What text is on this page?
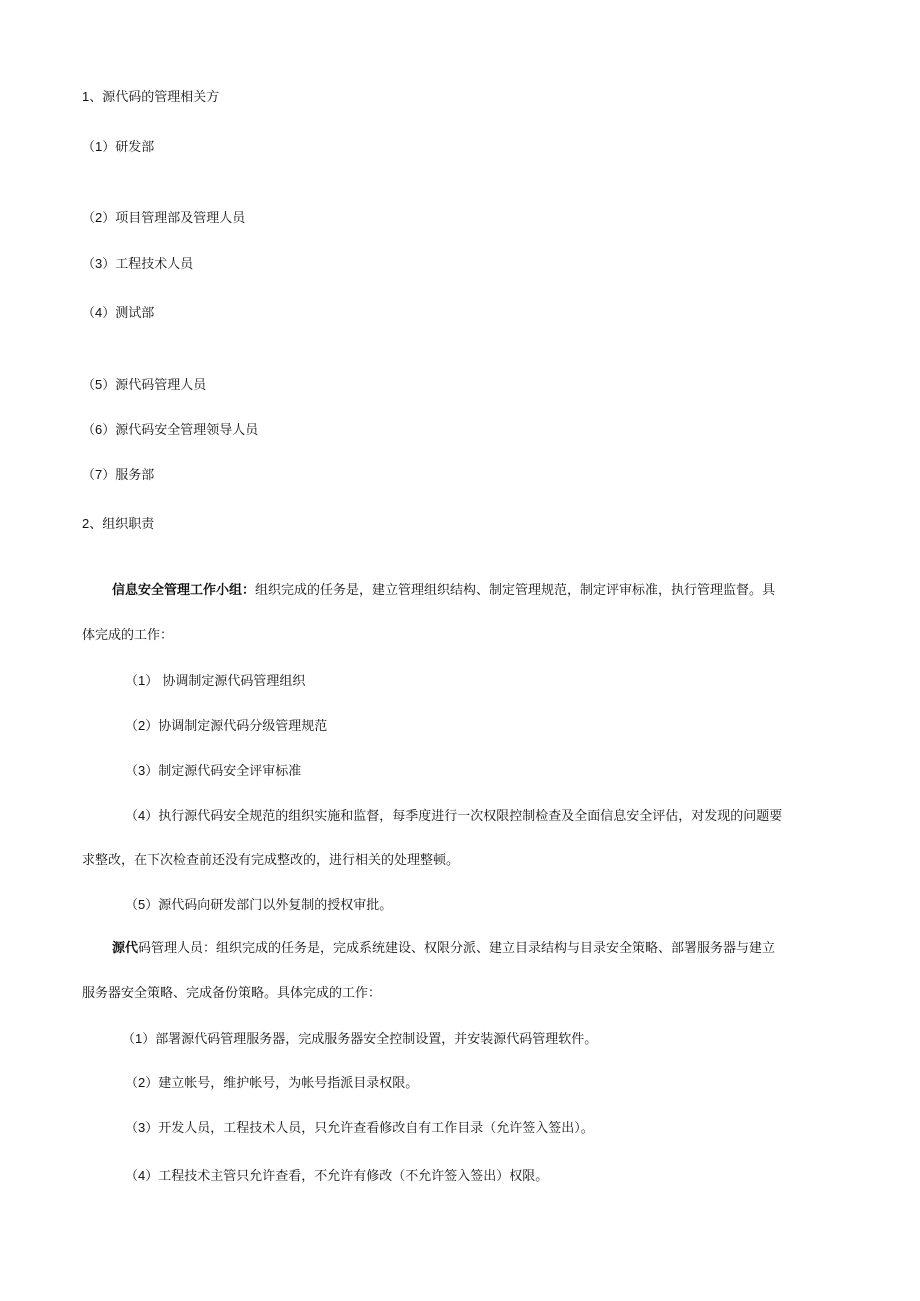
1、源代码的管理相关方
（1）研发部
（2）项目管理部及管理人员
（3）工程技术人员
（4）测试部
（5）源代码管理人员
（6）源代码安全管理领导人员
（7）服务部
2、组织职责
信息安全管理工作小组：组织完成的任务是，建立管理组织结构、制定管理规范，制定评审标准，执行管理监督。具
体完成的工作：
（1） 协调制定源代码管理组织
（2）协调制定源代码分级管理规范
（3）制定源代码安全评审标准
（4）执行源代码安全规范的组织实施和监督，每季度进行一次权限控制检查及全面信息安全评估，对发现的问题要
求整改，在下次检查前还没有完成整改的，进行相关的处理整顿。
（5）源代码向研发部门以外复制的授权审批。
源代码管理人员：组织完成的任务是，完成系统建设、权限分派、建立目录结构与目录安全策略、部署服务器与建立
服务器安全策略、完成备份策略。具体完成的工作：
（1）部署源代码管理服务器，完成服务器安全控制设置，并安装源代码管理软件。
（2）建立帐号，维护帐号，为帐号指派目录权限。
（3）开发人员，工程技术人员，只允许查看修改自有工作目录（允许签入签出）。
（4）工程技术主管只允许查看，不允许有修改（不允许签入签出）权限。
